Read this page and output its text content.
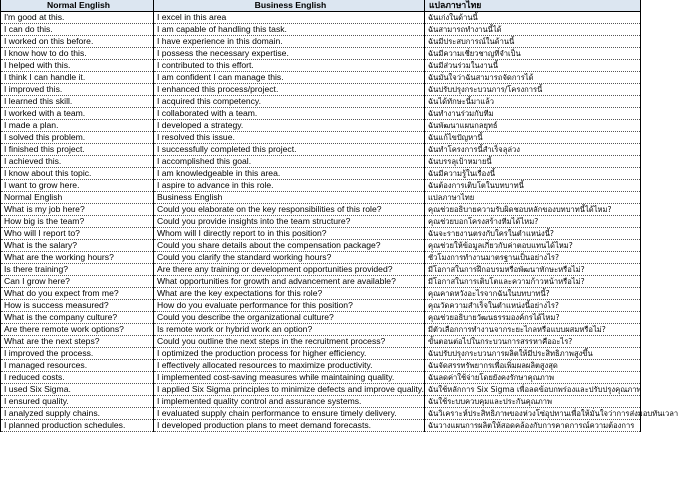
Normal English	Business English	แปลภาษาไทย
I'm good at this.	I excel in this area	ฉันเก่งในด้านนี้
I can do this.	I am capable of handling this task.	ฉันสามารถทำงานนี้ได้
I worked on this before.	I have experience in this domain.	ฉันมีประสบการณ์ในด้านนี้
I know how to do this.	I possess the necessary expertise.	ฉันมีความเชี่ยวชาญที่จำเป็น
I helped with this.	I contributed to this effort.	ฉันมีส่วนร่วมในงานนี้
I think I can handle it.	I am confident I can manage this.	ฉันมั่นใจว่าฉันสามารถจัดการได้
I improved this.	I enhanced this process/project.	ฉันปรับปรุงกระบวนการ/โครงการนี้
I learned this skill.	I acquired this competency.	ฉันได้ทักษะนี้มาแล้ว
I worked with a team.	I collaborated with a team.	ฉันทำงานร่วมกับทีม
I made a plan.	I developed a strategy.	ฉันพัฒนาแผนกลยุทธ์
I solved this problem.	I resolved this issue.	ฉันแก้ไขปัญหานี้
I finished this project.	I successfully completed this project.	ฉันทำโครงการนี้สำเร็จลุล่วง
I achieved this.	I accomplished this goal.	ฉันบรรลุเป้าหมายนี้
I know about this topic.	I am knowledgeable in this area.	ฉันมีความรู้ในเรื่องนี้
I want to grow here.	I aspire to advance in this role.	ฉันต้องการเติบโตในบทบาทนี้
Normal English	Business English	แปลภาษาไทย
What is my job here?	Could you elaborate on the key responsibilities of this role?	คุณช่วยอธิบายความรับผิดชอบหลักของบทบาทนี้ได้ไหม?
How big is the team?	Could you provide insights into the team structure?	คุณช่วยบอกโครงสร้างทีมได้ไหม?
Who will I report to?	Whom will I directly report to in this position?	ฉันจะรายงานตรงกับใครในตำแหน่งนี้?
What is the salary?	Could you share details about the compensation package?	คุณช่วยให้ข้อมูลเกี่ยวกับค่าตอบแทนได้ไหม?
What are the working hours?	Could you clarify the standard working hours?	ชั่วโมงการทำงานมาตรฐานเป็นอย่างไร?
Is there training?	Are there any training or development opportunities provided?	มีโอกาสในการฝึกอบรมหรือพัฒนาทักษะหรือไม่?
Can I grow here?	What opportunities for growth and advancement are available?	มีโอกาสในการเติบโตและความก้าวหน้าหรือไม่?
What do you expect from me?	What are the key expectations for this role?	คุณคาดหวังอะไรจากฉันในบทบาทนี้?
How is success measured?	How do you evaluate performance for this position?	คุณวัดความสำเร็จในตำแหน่งนี้อย่างไร?
What is the company culture?	Could you describe the organizational culture?	คุณช่วยอธิบายวัฒนธรรมองค์กรได้ไหม?
Are there remote work options?	Is remote work or hybrid work an option?	มีตัวเลือกการทำงานจากระยะไกลหรือแบบผสมหรือไม่?
What are the next steps?	Could you outline the next steps in the recruitment process?	ขั้นตอนต่อไปในกระบวนการสรรหาคืออะไร?
I improved the process.	I optimized the production process for higher efficiency.	ฉันปรับปรุงกระบวนการผลิตให้มีประสิทธิภาพสูงขึ้น
I managed resources.	I effectively allocated resources to maximize productivity.	ฉันจัดสรรทรัพยากรเพื่อเพิ่มผลผลิตสูงสุด
I reduced costs.	I implemented cost-saving measures while maintaining quality.	ฉันลดค่าใช้จ่ายโดยยังคงรักษาคุณภาพ
I used Six Sigma.	I applied Six Sigma principles to minimize defects and improve quality.	ฉันใช้หลักการ Six Sigma เพื่อลดข้อบกพร่องและปรับปรุงคุณภาพ
I ensured quality.	I implemented quality control and assurance systems.	ฉันใช้ระบบควบคุมและประกันคุณภาพ
I analyzed supply chains.	I evaluated supply chain performance to ensure timely delivery.	ฉันวิเคราะห์ประสิทธิภาพของห่วงโซ่อุปทานเพื่อให้มั่นใจว่าการส่งมอบทันเวลา
I planned production schedules.	I developed production plans to meet demand forecasts.	ฉันวางแผนการผลิตให้สอดคล้องกับการคาดการณ์ความต้องการ
